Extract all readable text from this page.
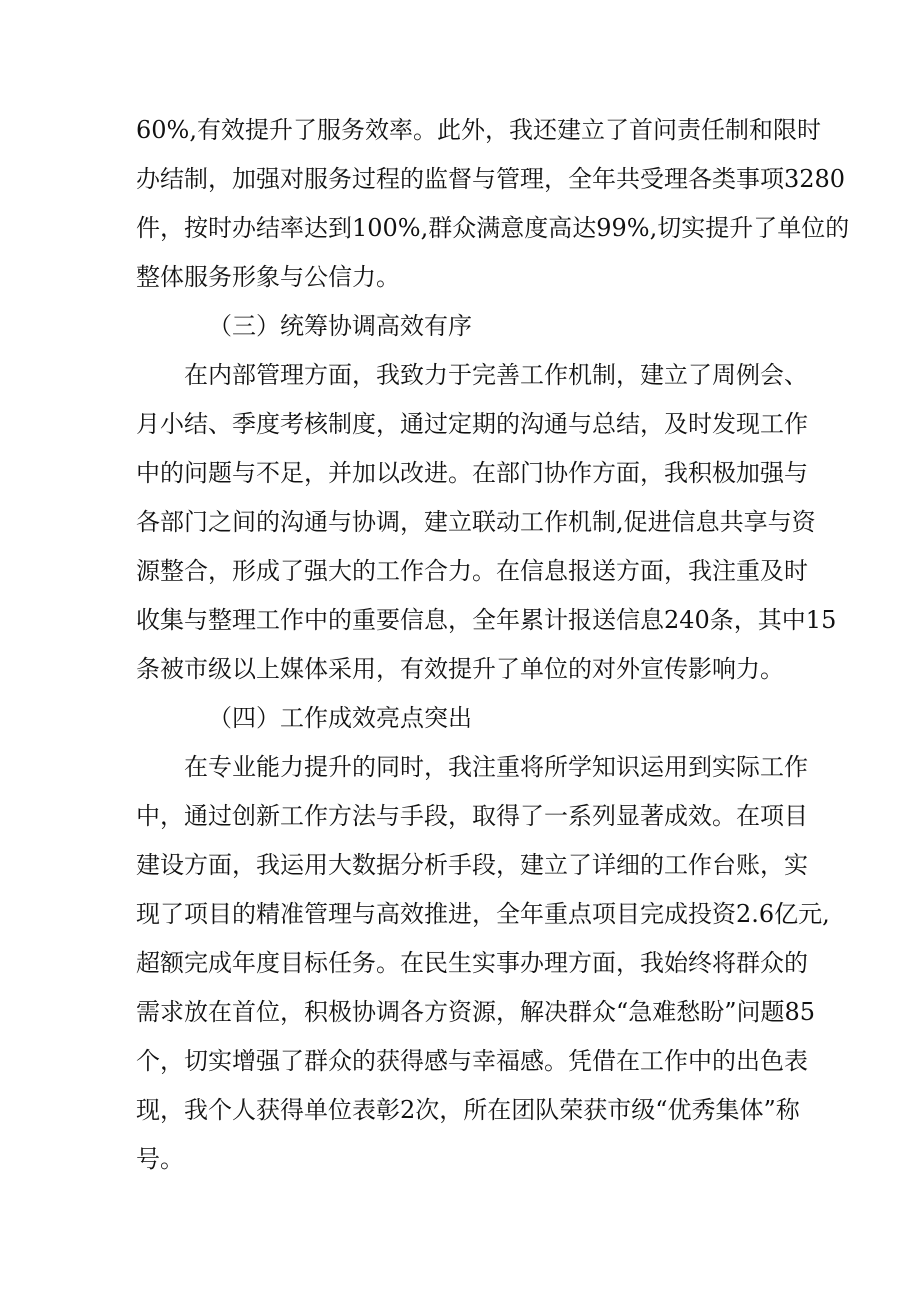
60%,有效提升了服务效率。此外，我还建立了首问责任制和限时

办结制，加强对服务过程的监督与管理，全年共受理各类事项3280

件，按时办结率达到100%,群众满意度高达99%,切实提升了单位的

整体服务形象与公信力。

（三）统筹协调高效有序

在内部管理方面，我致力于完善工作机制，建立了周例会、

月小结、季度考核制度，通过定期的沟通与总结，及时发现工作

中的问题与不足，并加以改进。在部门协作方面，我积极加强与

各部门之间的沟通与协调，建立联动工作机制,促进信息共享与资

源整合，形成了强大的工作合力。在信息报送方面，我注重及时

收集与整理工作中的重要信息，全年累计报送信息240条，其中15

条被市级以上媒体采用，有效提升了单位的对外宣传影响力。

（四）工作成效亮点突出

在专业能力提升的同时，我注重将所学知识运用到实际工作

中，通过创新工作方法与手段，取得了一系列显著成效。在项目

建设方面，我运用大数据分析手段，建立了详细的工作台账，实

现了项目的精准管理与高效推进，全年重点项目完成投资2.6亿元,

超额完成年度目标任务。在民生实事办理方面，我始终将群众的

需求放在首位，积极协调各方资源，解决群众“急难愁盼”问题85

个，切实增强了群众的获得感与幸福感。凭借在工作中的出色表

现，我个人获得单位表彰2次，所在团队荣获市级“优秀集体”称

号。
